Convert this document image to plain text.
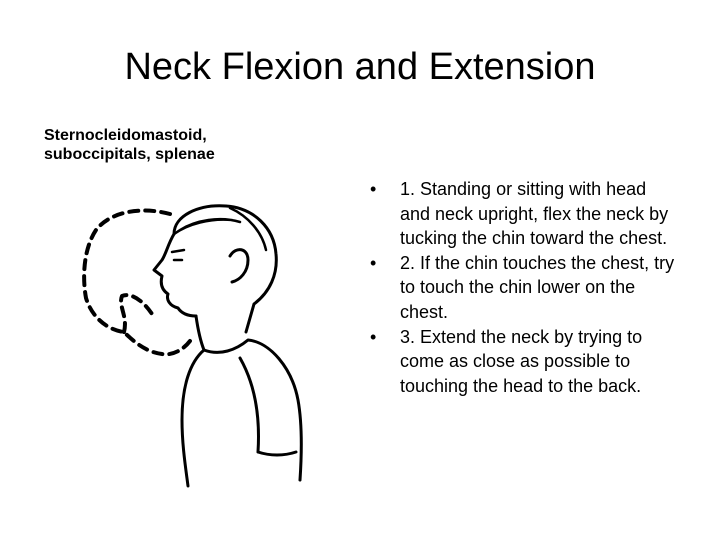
Neck Flexion and Extension
Sternocleidomastoid,
suboccipitals, splenae
•	1. Standing or sitting with head and neck upright, flex the neck by tucking the chin toward the chest.
•	2. If the chin touches the chest, try to touch the chin lower on the chest.
•	3. Extend the neck by trying to come as close as possible to touching the head to the back.
